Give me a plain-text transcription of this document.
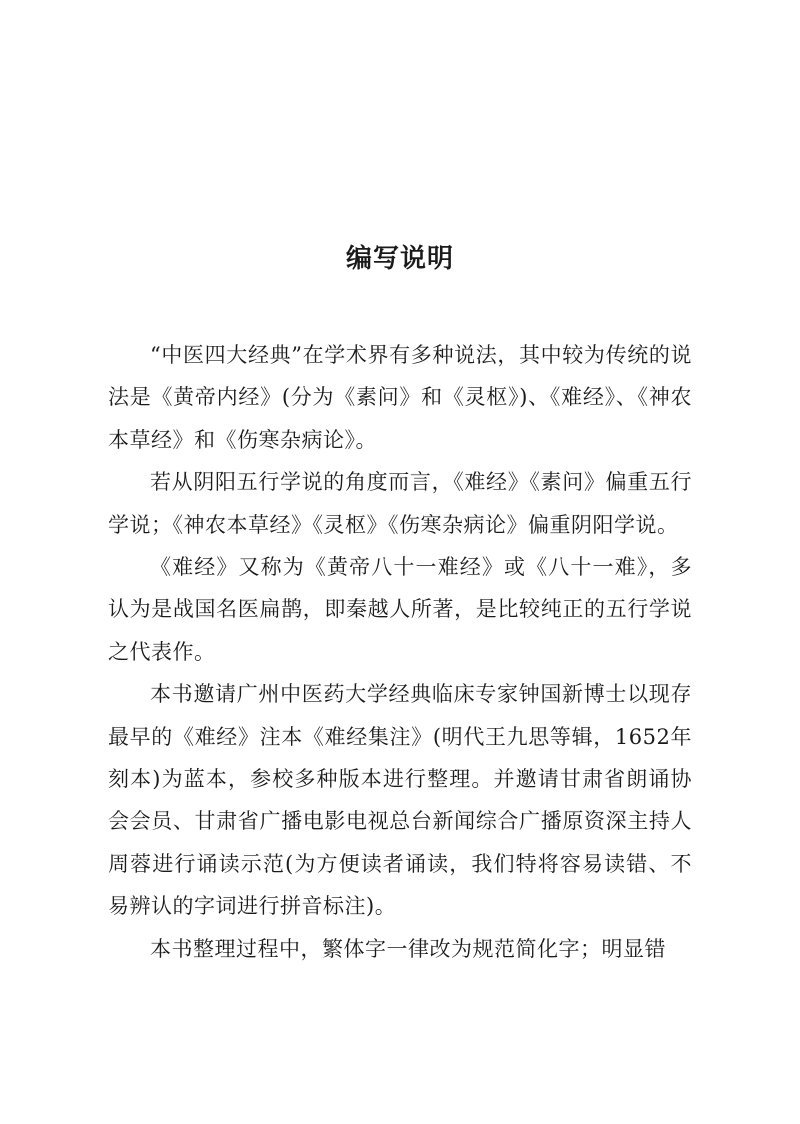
编写说明

“中医四大经典”在学术界有多种说法，其中较为传统的说法是《黄帝内经》(分为《素问》和《灵枢》)、《难经》、《神农本草经》和《伤寒杂病论》。

若从阴阳五行学说的角度而言，《难经》《素问》偏重五行学说；《神农本草经》《灵枢》《伤寒杂病论》偏重阴阳学说。

《难经》又称为《黄帝八十一难经》或《八十一难》，多认为是战国名医扁鹊，即秦越人所著，是比较纯正的五行学说之代表作。

本书邀请广州中医药大学经典临床专家钟国新博士以现存最早的《难经》注本《难经集注》(明代王九思等辑，1652年刻本)为蓝本，参校多种版本进行整理。并邀请甘肃省朗诵协会会员、甘肃省广播电影电视总台新闻综合广播原资深主持人周蓉进行诵读示范(为方便读者诵读，我们特将容易读错、不易辨认的字词进行拼音标注)。

本书整理过程中，繁体字一律改为规范简化字；明显错
